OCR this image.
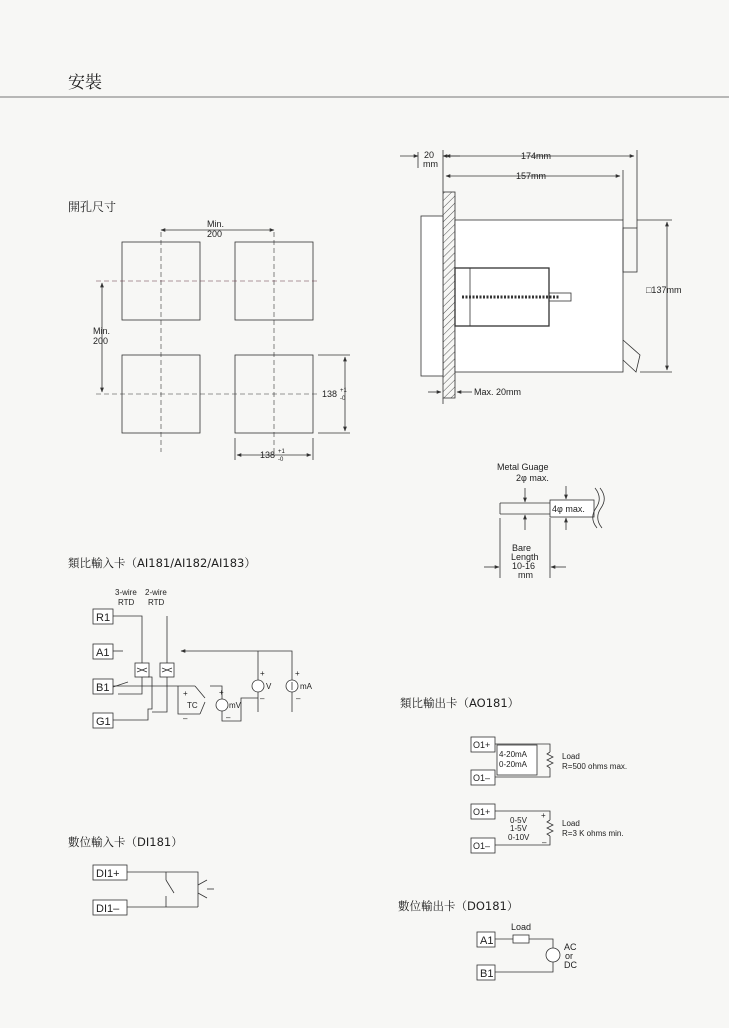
安裝
開孔尺寸
Min.
200
Min.
200
138 +1
-0
138 +1
-0
20
mm
174mm
157mm
□137mm
Max. 20mm
Metal Guage
2φ max.
4φ max.
Bare
Length
10-16
mm
類比輸入卡（AI181/AI182/AI183）
3-wire
RTD
2-wire
RTD
R1
A1
B1
G1
+
TC
–
+
mV
–
+
V
–
+
mA
–	類比輸出卡（AO181）
O1+
O1–
4-20mA
0-20mA
Load
R=500 ohms max.
O1+
O1–
0-5V
1-5V
0-10V
+
–
Load
R=3 K ohms min.
數位輸入卡（DI181）
DI1+
DI1–	數位輸出卡（DO181）
A1
B1
Load
AC
or
DC
